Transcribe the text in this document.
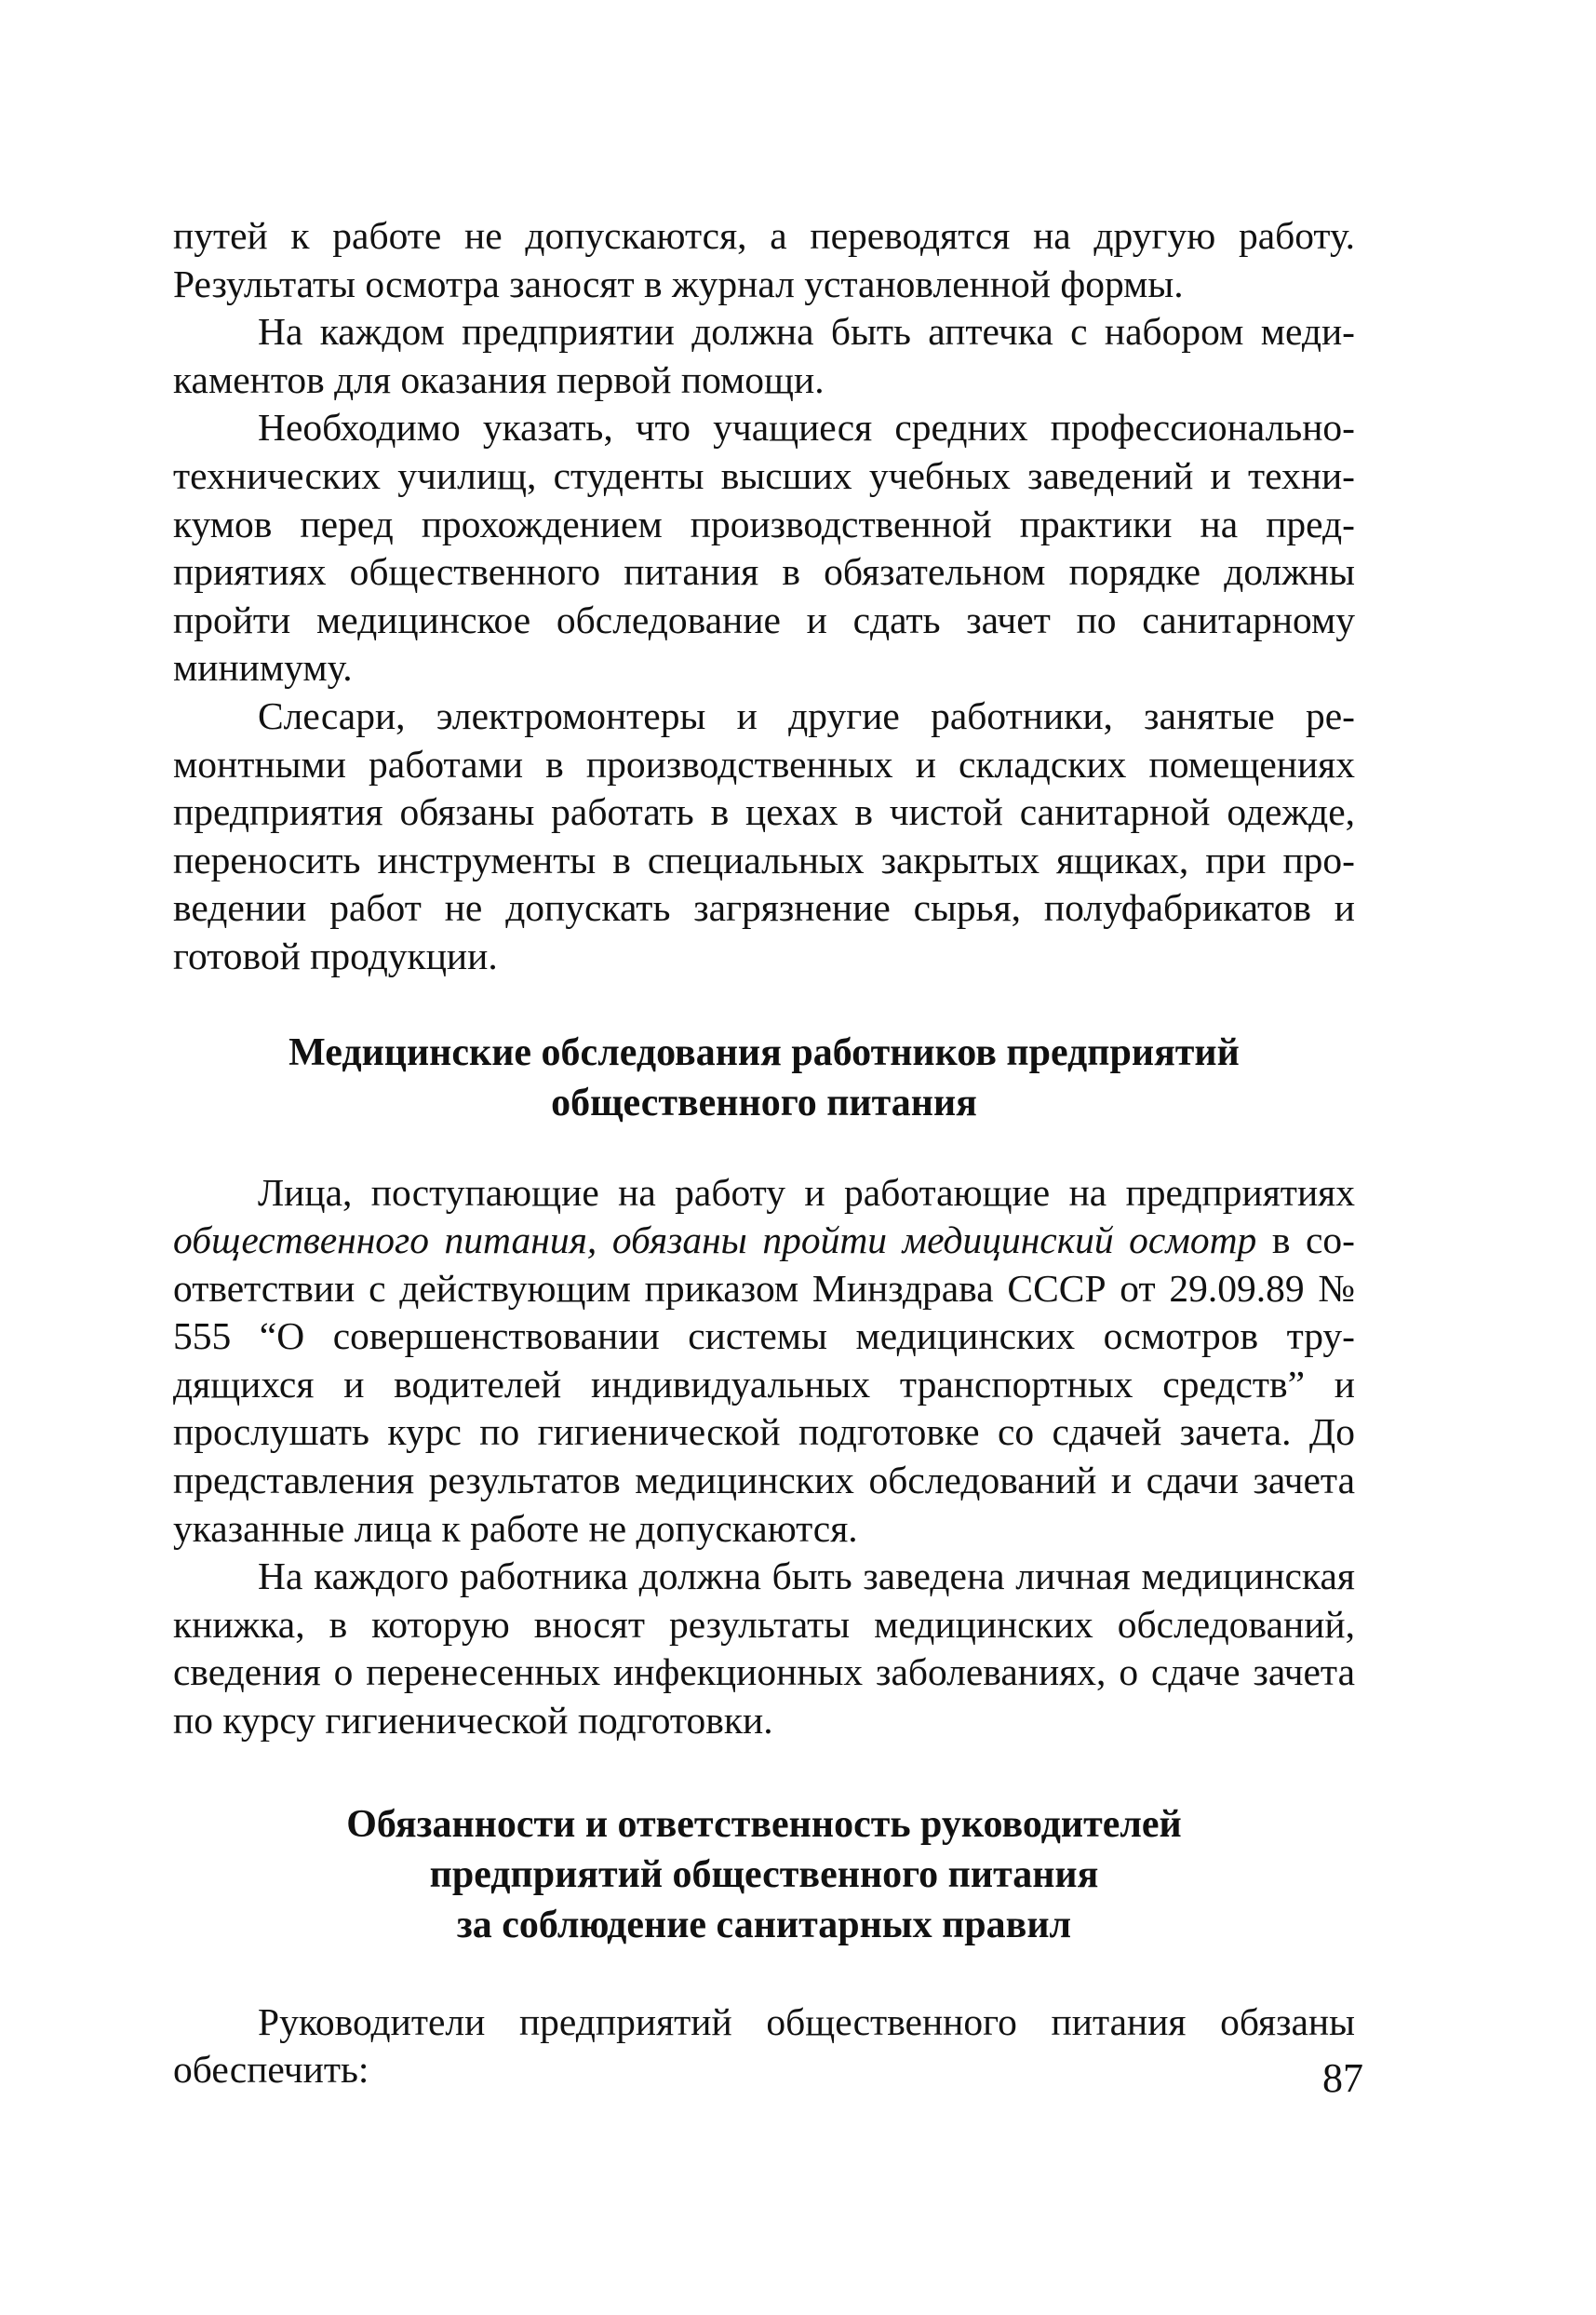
путей к работе не допускаются, а переводятся на другую работу. Результаты осмотра заносят в журнал установленной формы.

На каждом предприятии должна быть аптечка с набором медикаментов для оказания первой помощи.

Необходимо указать, что учащиеся средних профессионально-технических училищ, студенты высших учебных заведений и техникумов перед прохождением производственной практики на предприятиях общественного питания в обязательном порядке должны пройти медицинское обследование и сдать зачет по санитарному минимуму.

Слесари, электромонтеры и другие работники, занятые ремонтными работами в производственных и складских помещениях предприятия обязаны работать в цехах в чистой санитарной одежде, переносить инструменты в специальных закрытых ящиках, при проведении работ не допускать загрязнение сырья, полуфабрикатов и готовой продукции.

Медицинские обследования работников предприятий
общественного питания

Лица, поступающие на работу и работающие на предприятиях общественного питания, обязаны пройти медицинский осмотр в соответствии с действующим приказом Минздрава СССР от 29.09.89 № 555 “О совершенствовании системы медицинских осмотров трудящихся и водителей индивидуальных транспортных средств” и прослушать курс по гигиенической подготовке со сдачей зачета. До представления результатов медицинских обследований и сдачи зачета указанные лица к работе не допускаются.

На каждого работника должна быть заведена личная медицинская книжка, в которую вносят результаты медицинских обследований, сведения о перенесенных инфекционных заболеваниях, о сдаче зачета по курсу гигиенической подготовки.

Обязанности и ответственность руководителей
предприятий общественного питания
за соблюдение санитарных правил

Руководители предприятий общественного питания обязаны обеспечить:	87
